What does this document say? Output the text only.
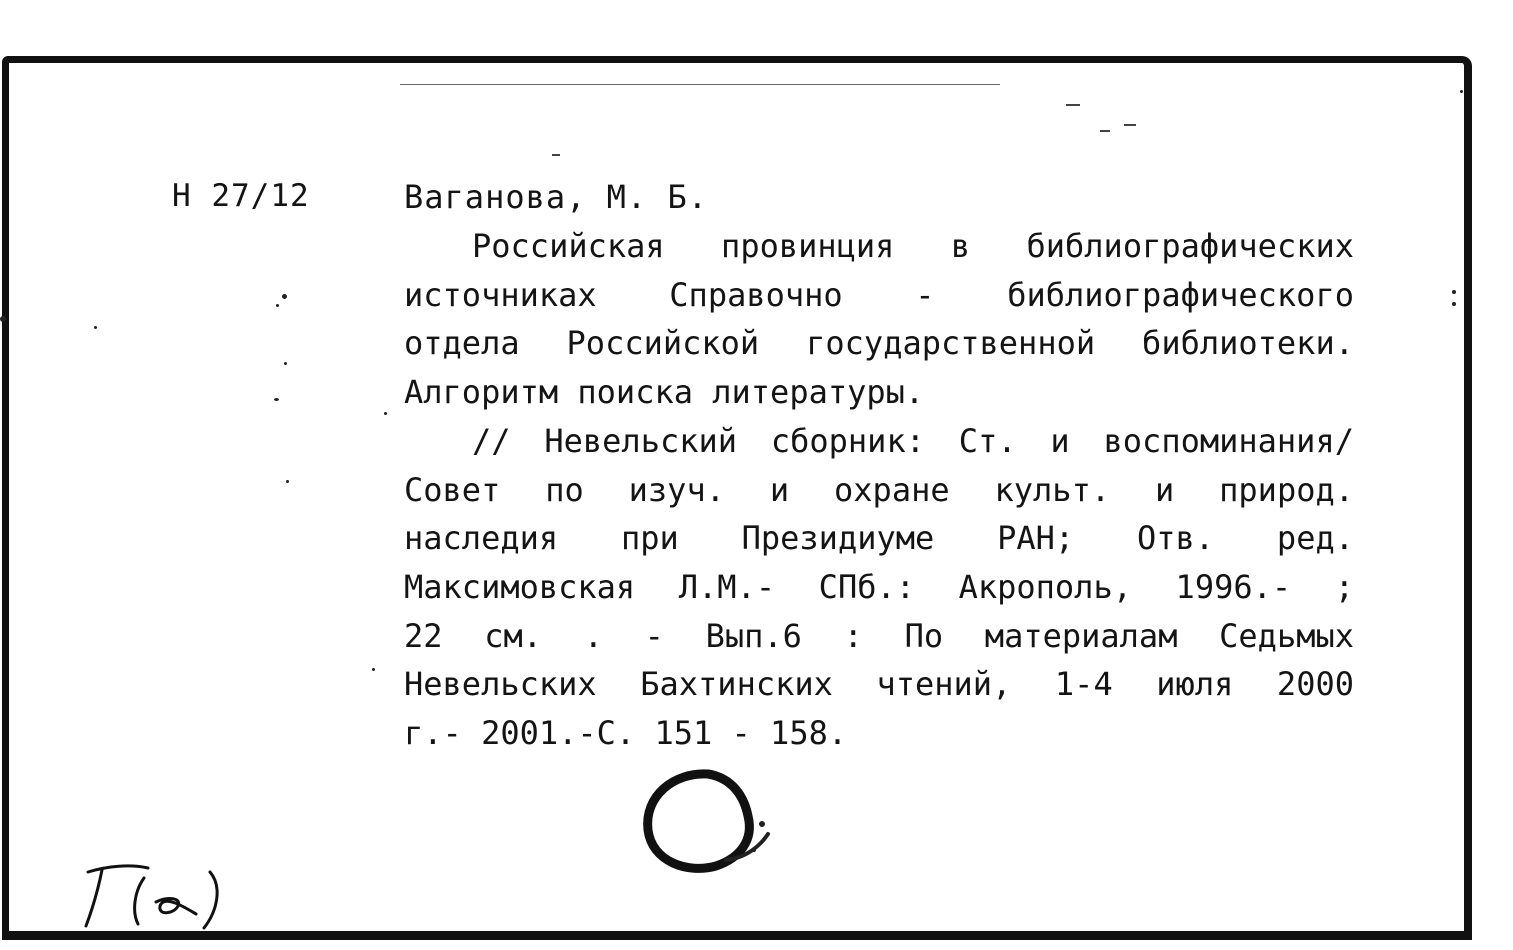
Н 27/12	Ваганова, М. Б.
Российская провинция в библиографических
источниках Справочно - библиографического
отдела Российской государственной библиотеки.
Алгоритм поиска литературы.
// Невельский сборник: Ст. и воспоминания/
Совет по изуч. и охране культ. и природ.
наследия при Президиуме РАН; Отв. ред.
Максимовская Л.М.- СПб.: Акрополь, 1996.- ;
22 см. . - Вып.6 : По материалам Седьмых
Невельских Бахтинских чтений, 1-4 июля 2000
г.- 2001.-С. 151 - 158.
